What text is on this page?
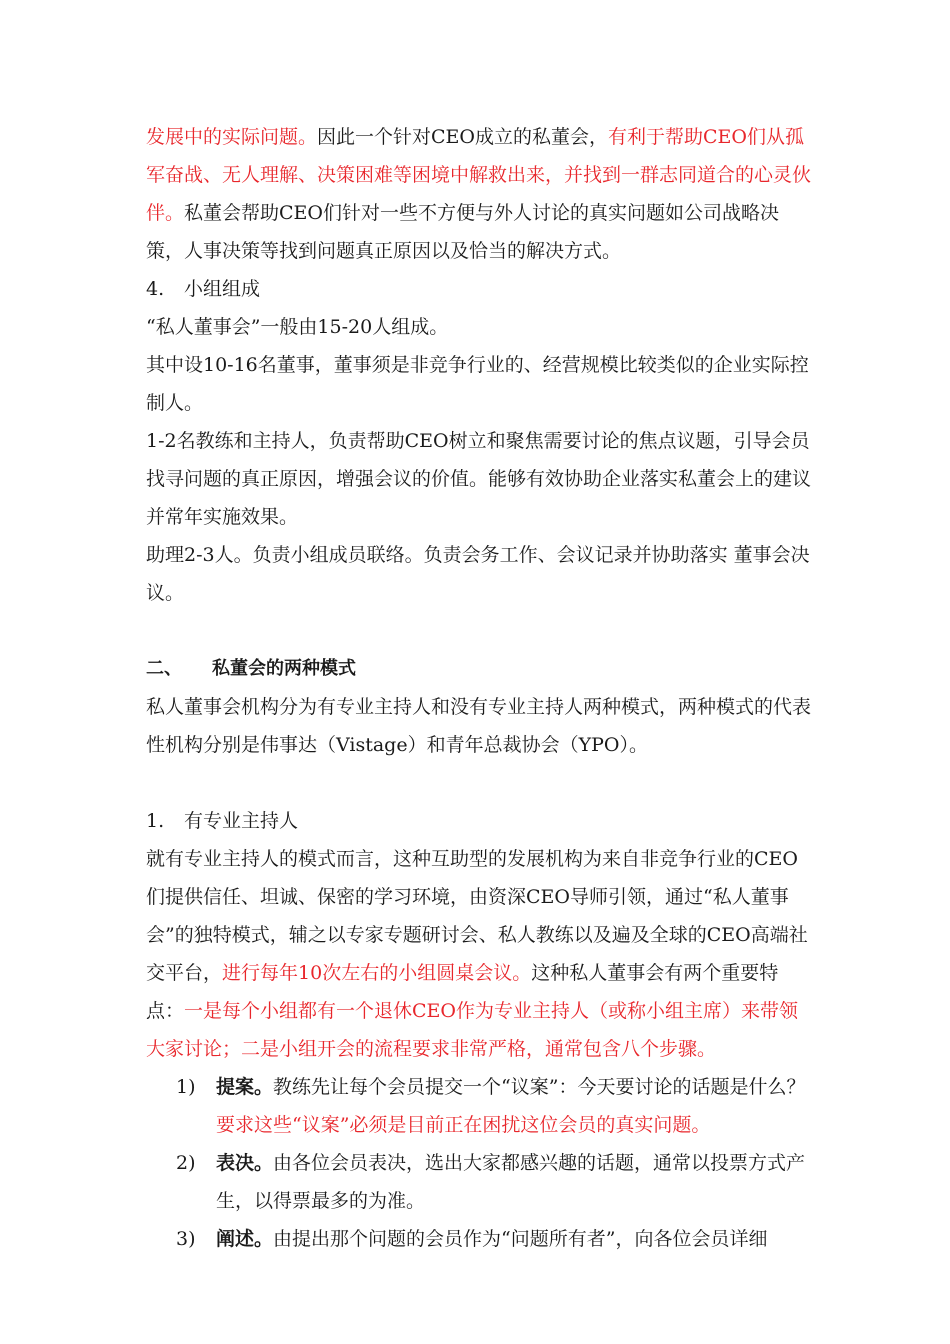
发展中的实际问题。因此一个针对CEO成立的私董会，有利于帮助CEO们从孤军奋战、无人理解、决策困难等困境中解救出来，并找到一群志同道合的心灵伙伴。私董会帮助CEO们针对一些不方便与外人讨论的真实问题如公司战略决策，人事决策等找到问题真正原因以及恰当的解决方式。

4. 小组组成

“私人董事会”一般由15-20人组成。

其中设10-16名董事，董事须是非竞争行业的、经营规模比较类似的企业实际控制人。

1-2名教练和主持人，负责帮助CEO树立和聚焦需要讨论的焦点议题，引导会员找寻问题的真正原因，增强会议的价值。能够有效协助企业落实私董会上的建议并常年实施效果。

助理2-3人。负责小组成员联络。负责会务工作、会议记录并协助落实 董事会决议。

二、 私董会的两种模式

私人董事会机构分为有专业主持人和没有专业主持人两种模式，两种模式的代表性机构分别是伟事达（Vistage）和青年总裁协会（YPO）。

1. 有专业主持人

就有专业主持人的模式而言，这种互助型的发展机构为来自非竞争行业的CEO们提供信任、坦诚、保密的学习环境，由资深CEO导师引领，通过“私人董事会”的独特模式，辅之以专家专题研讨会、私人教练以及遍及全球的CEO高端社交平台，进行每年10次左右的小组圆桌会议。这种私人董事会有两个重要特点：一是每个小组都有一个退休CEO作为专业主持人（或称小组主席）来带领大家讨论；二是小组开会的流程要求非常严格，通常包含八个步骤。

1) 提案。教练先让每个会员提交一个“议案”：今天要讨论的话题是什么？要求这些“议案”必须是目前正在困扰这位会员的真实问题。
2) 表决。由各位会员表决，选出大家都感兴趣的话题，通常以投票方式产生，以得票最多的为准。
3) 阐述。由提出那个问题的会员作为“问题所有者”，向各位会员详细
